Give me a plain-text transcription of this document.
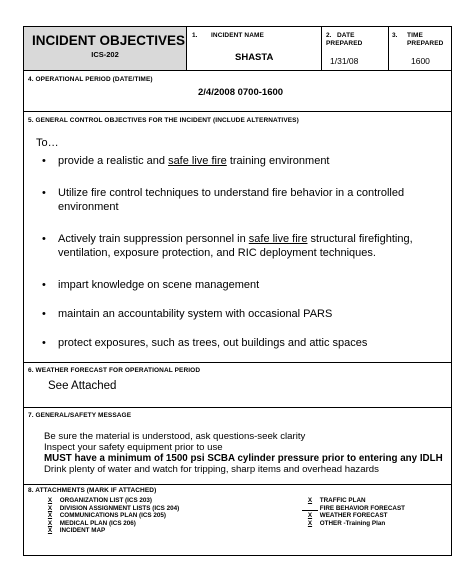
INCIDENT OBJECTIVES
ICS-202
1. INCIDENT NAME
SHASTA
2. DATE
PREPARED
1/31/08
3. TIME
PREPARED
1600
4. OPERATIONAL PERIOD (DATE/TIME)
2/4/2008 0700-1600
5. GENERAL CONTROL OBJECTIVES FOR THE INCIDENT (INCLUDE ALTERNATIVES)
To…
• provide a realistic and safe live fire training environment
• Utilize fire control techniques to understand fire behavior in a controlled environment
• Actively train suppression personnel in safe live fire structural firefighting, ventilation, exposure protection, and RIC deployment techniques.
• impart knowledge on scene management
• maintain an accountability system with occasional PARS
• protect exposures, such as trees, out buildings and attic spaces
6. WEATHER FORECAST FOR OPERATIONAL PERIOD
See Attached
7. GENERAL/SAFETY MESSAGE
Be sure the material is understood, ask questions-seek clarity
Inspect your safety equipment prior to use
MUST have a minimum of 1500 psi SCBA cylinder pressure prior to entering any IDLH
Drink plenty of water and watch for tripping, sharp items and overhead hazards
8. ATTACHMENTS (MARK IF ATTACHED)
X ORGANIZATION LIST (ICS 203)
X DIVISION ASSIGNMENT LISTS (ICS 204)
X COMMUNICATIONS PLAN (ICS 205)
X MEDICAL PLAN (ICS 206)
X INCIDENT MAP
X TRAFFIC PLAN
FIRE BEHAVIOR FORECAST
X WEATHER FORECAST
X OTHER -Training Plan
